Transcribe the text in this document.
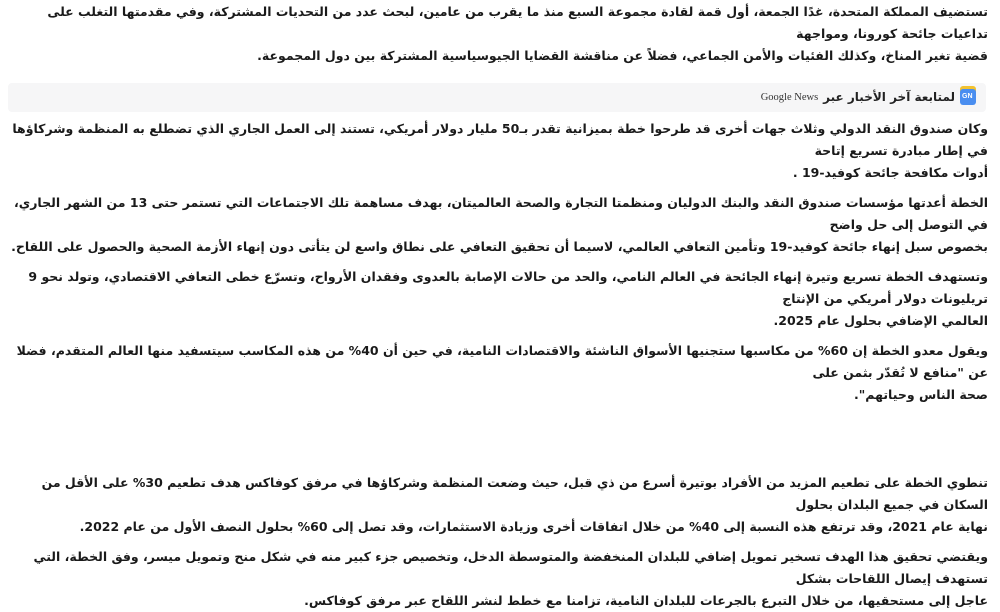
تستضيف المملكة المتحدة، غدًا الجمعة، أول قمة لقادة مجموعة السبع منذ ما يقرب من عامين، لبحث عدد من التحديات المشتركة، وفي مقدمتها التغلب على تداعيات جائحة كورونا، ومواجهة
قضية تغير المناخ، وكذلك الفئيات والأمن الجماعي، فضلاً عن مناقشة القضايا الجيوسياسية المشتركة بين دول المجموعة.
GN
لمتابعة آخر الأخبار عبر
Google News
وكان صندوق النقد الدولي وثلاث جهات أخرى قد طرحوا خطة بميزانية تقدر بـ50 مليار دولار أمريكي، تستند إلى العمل الجاري الذي تضطلع به المنظمة وشركاؤها في إطار مبادرة تسريع إتاحة
أدوات مكافحة جائحة كوفيد-19 .
الخطة أعدتها مؤسسات صندوق النقد والبنك الدوليان ومنظمتا التجارة والصحة العالميتان، بهدف مساهمة تلك الاجتماعات التي تستمر حتى 13 من الشهر الجاري، في التوصل إلى حل واضح
بخصوص سبل إنهاء جائحة كوفيد-19 وتأمين التعافي العالمي، لاسيما أن تحقيق التعافي على نطاق واسع لن يتأتى دون إنهاء الأزمة الصحية والحصول على اللقاح.
وتستهدف الخطة تسريع وتيرة إنهاء الجائحة في العالم النامي، والحد من حالات الإصابة بالعدوى وفقدان الأرواح، وتسرّع خطى التعافي الاقتصادي، وتولد نحو 9 تريليونات دولار أمريكي من الإنتاج
العالمي الإضافي بحلول عام 2025.
ويقول معدو الخطة إن 60% من مكاسبها ستجنيها الأسواق الناشئة والاقتصادات النامية، في حين أن 40% من هذه المكاسب سيتسفيد منها العالم المتقدم، فضلا عن "منافع لا تُقدّر بثمن على
صحة الناس وحياتهم".
تنطوي الخطة على تطعيم المزيد من الأفراد بوتيرة أسرع من ذي قبل، حيث وضعت المنظمة وشركاؤها في مرفق كوفاكس هدف تطعيم 30% على الأقل من السكان في جميع البلدان بحلول
نهاية عام 2021، وقد ترتفع هذه النسبة إلى 40% من خلال اتفاقات أخرى وزيادة الاستثمارات، وقد تصل إلى 60% بحلول النصف الأول من عام 2022.
ويقتضي تحقيق هذا الهدف تسخير تمويل إضافي للبلدان المنخفضة والمتوسطة الدخل، وتخصيص جزء كبير منه في شكل منح وتمويل ميسر، وفق الخطة، التي تستهدف إيصال اللقاحات بشكل
عاجل إلى مستحقيها، من خلال التبرع بالجرعات للبلدان النامية، تزامنا مع خطط لنشر اللقاح عبر مرفق كوفاكس.
